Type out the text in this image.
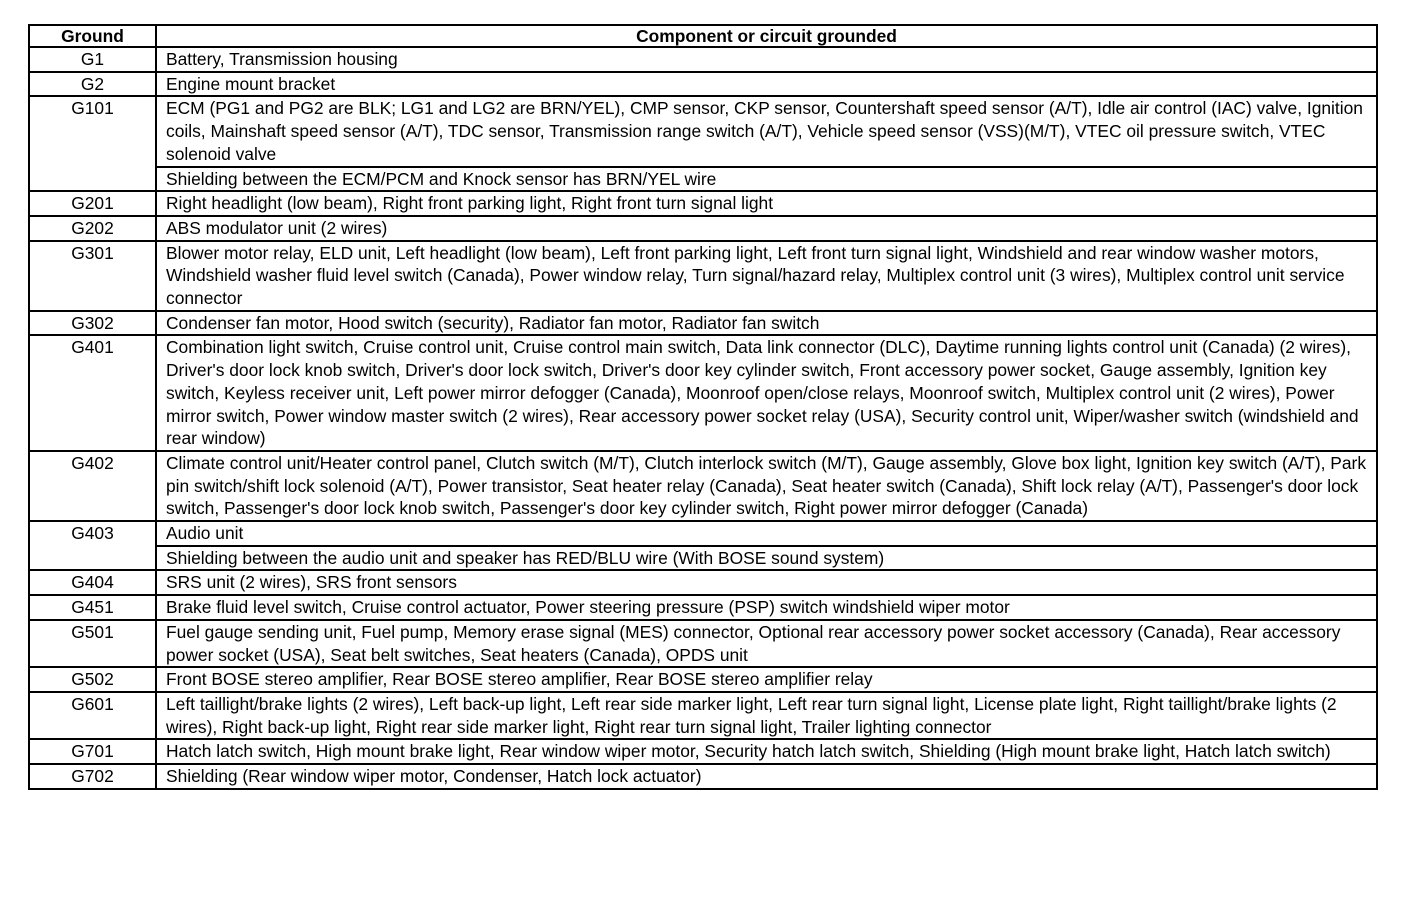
Ground	Component or circuit grounded
G1	Battery, Transmission housing
G2	Engine mount bracket
G101	ECM (PG1 and PG2 are BLK; LG1 and LG2 are BRN/YEL), CMP sensor, CKP sensor, Countershaft speed sensor (A/T), Idle air control (IAC) valve, Ignition coils, Mainshaft speed sensor (A/T), TDC sensor, Transmission range switch (A/T), Vehicle speed sensor (VSS)(M/T), VTEC oil pressure switch, VTEC solenoid valve
	Shielding between the ECM/PCM and Knock sensor has BRN/YEL wire
G201	Right headlight (low beam), Right front parking light, Right front turn signal light
G202	ABS modulator unit (2 wires)
G301	Blower motor relay, ELD unit, Left headlight (low beam), Left front parking light, Left front turn signal light, Windshield and rear window washer motors, Windshield washer fluid level switch (Canada), Power window relay, Turn signal/hazard relay, Multiplex control unit (3 wires), Multiplex control unit service connector
G302	Condenser fan motor, Hood switch (security), Radiator fan motor, Radiator fan switch
G401	Combination light switch, Cruise control unit, Cruise control main switch, Data link connector (DLC), Daytime running lights control unit (Canada) (2 wires), Driver's door lock knob switch, Driver's door lock switch, Driver's door key cylinder switch, Front accessory power socket, Gauge assembly, Ignition key switch, Keyless receiver unit, Left power mirror defogger (Canada), Moonroof open/close relays, Moonroof switch, Multiplex control unit (2 wires), Power mirror switch, Power window master switch (2 wires), Rear accessory power socket relay (USA), Security control unit, Wiper/washer switch (windshield and rear window)
G402	Climate control unit/Heater control panel, Clutch switch (M/T), Clutch interlock switch (M/T), Gauge assembly, Glove box light, Ignition key switch (A/T), Park pin switch/shift lock solenoid (A/T), Power transistor, Seat heater relay (Canada), Seat heater switch (Canada), Shift lock relay (A/T), Passenger's door lock switch, Passenger's door lock knob switch, Passenger's door key cylinder switch, Right power mirror defogger (Canada)
G403	Audio unit
	Shielding between the audio unit and speaker has RED/BLU wire (With BOSE sound system)
G404	SRS unit (2 wires), SRS front sensors
G451	Brake fluid level switch, Cruise control actuator, Power steering pressure (PSP) switch windshield wiper motor
G501	Fuel gauge sending unit, Fuel pump, Memory erase signal (MES) connector, Optional rear accessory power socket accessory (Canada), Rear accessory power socket (USA), Seat belt switches, Seat heaters (Canada), OPDS unit
G502	Front BOSE stereo amplifier, Rear BOSE stereo amplifier, Rear BOSE stereo amplifier relay
G601	Left taillight/brake lights (2 wires), Left back-up light, Left rear side marker light, Left rear turn signal light, License plate light, Right taillight/brake lights (2 wires), Right back-up light, Right rear side marker light, Right rear turn signal light, Trailer lighting connector
G701	Hatch latch switch, High mount brake light, Rear window wiper motor, Security hatch latch switch, Shielding (High mount brake light, Hatch latch switch)
G702	Shielding (Rear window wiper motor, Condenser, Hatch lock actuator)
